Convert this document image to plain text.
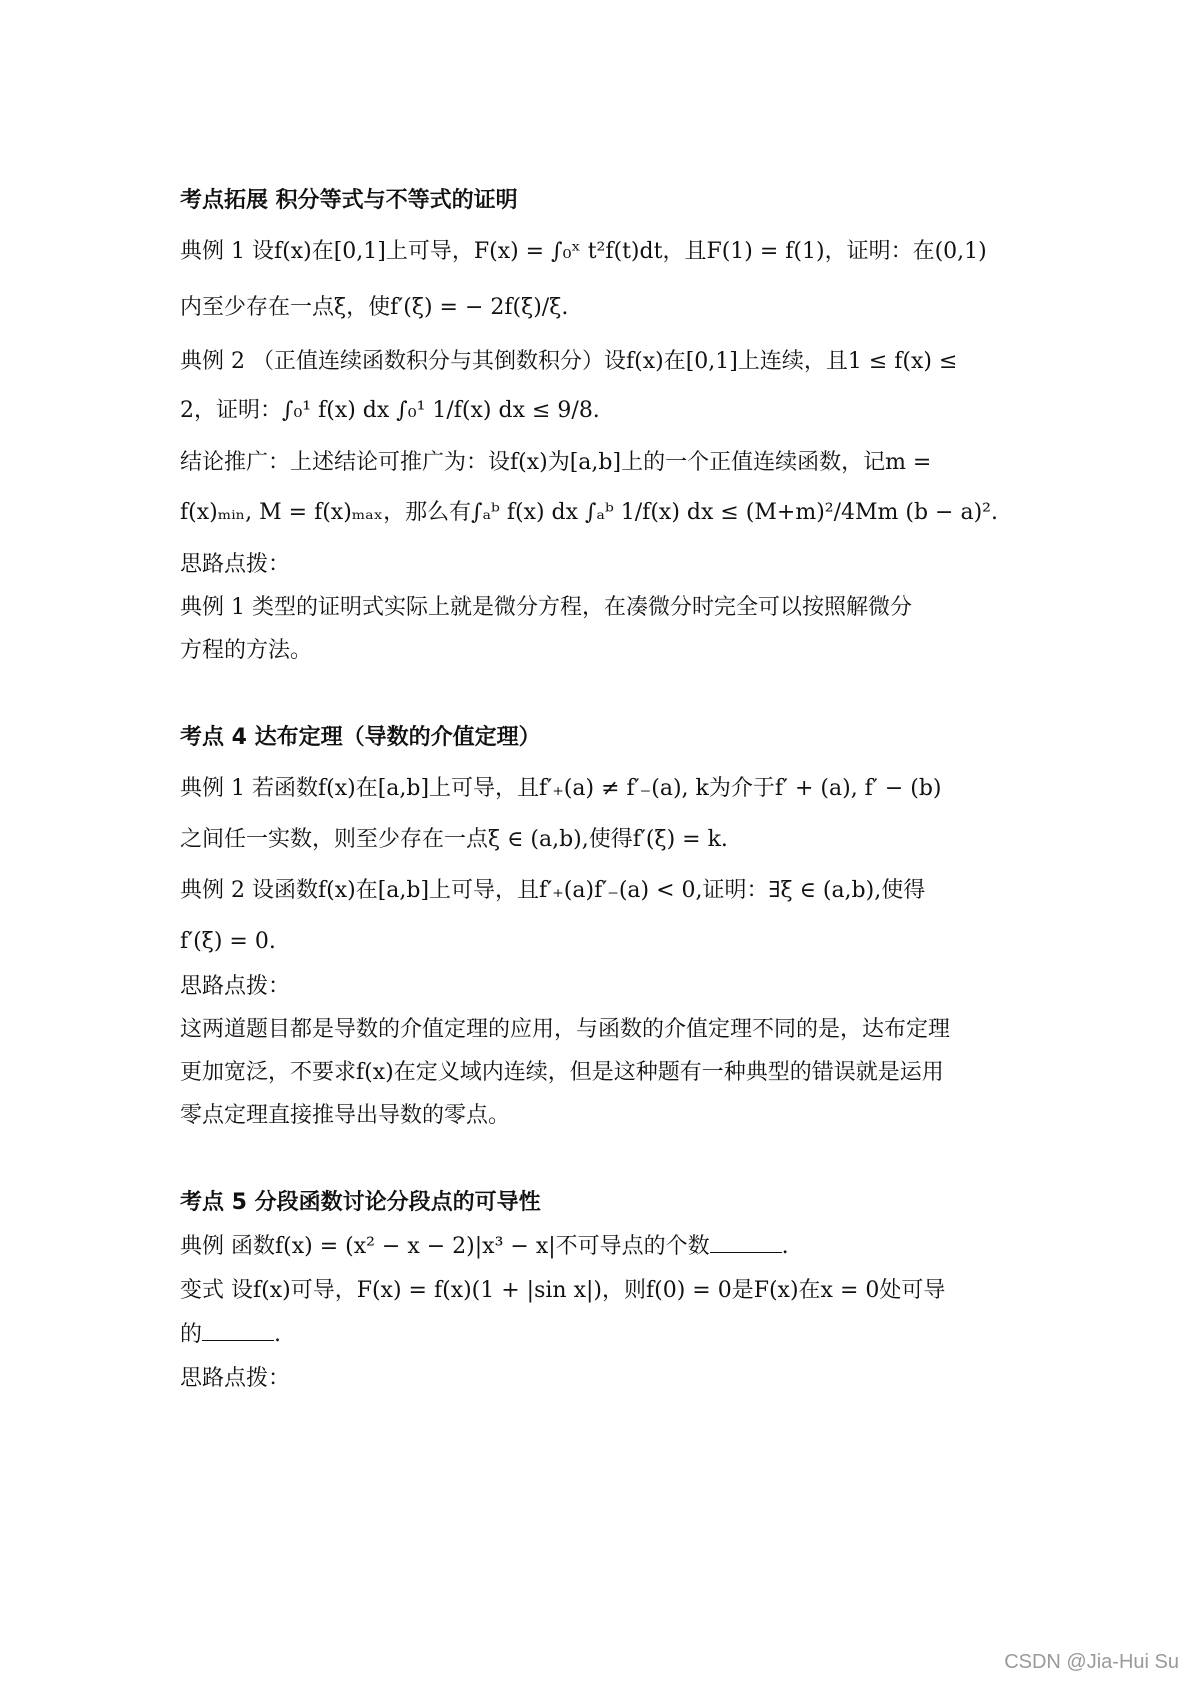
考点拓展 积分等式与不等式的证明
典例 1 设f(x)在[0,1]上可导，F(x) = ∫₀ˣ t²f(t)dt，且F(1) = f(1)，证明：在(0,1)
内至少存在一点ξ，使f′(ξ) = − 2f(ξ)/ξ.
典例 2 （正值连续函数积分与其倒数积分）设f(x)在[0,1]上连续，且1 ≤ f(x) ≤
2，证明：∫₀¹ f(x) dx ∫₀¹ 1/f(x) dx ≤ 9/8.
结论推广：上述结论可推广为：设f(x)为[a,b]上的一个正值连续函数，记m =
f(x)ₘᵢₙ, M = f(x)ₘₐₓ，那么有∫ₐᵇ f(x) dx ∫ₐᵇ 1/f(x) dx ≤ (M+m)²/4Mm (b − a)².
思路点拨：
典例 1 类型的证明式实际上就是微分方程，在凑微分时完全可以按照解微分
方程的方法。
考点 4 达布定理（导数的介值定理）
典例 1 若函数f(x)在[a,b]上可导，且f′₊(a) ≠ f′₋(a), k为介于f′ + (a), f′ − (b)
之间任一实数，则至少存在一点ξ ∈ (a,b),使得f′(ξ) = k.
典例 2 设函数f(x)在[a,b]上可导，且f′₊(a)f′₋(a) < 0,证明：∃ξ ∈ (a,b),使得
f′(ξ) = 0.
思路点拨：
这两道题目都是导数的介值定理的应用，与函数的介值定理不同的是，达布定理
更加宽泛，不要求f(x)在定义域内连续，但是这种题有一种典型的错误就是运用
零点定理直接推导出导数的零点。
考点 5 分段函数讨论分段点的可导性
典例 函数f(x) = (x² − x − 2)|x³ − x|不可导点的个数	.
变式 设f(x)可导，F(x) = f(x)(1 + |sin x|)，则f(0) = 0是F(x)在x = 0处可导
的	.
思路点拨：
CSDN @Jia-Hui Su
